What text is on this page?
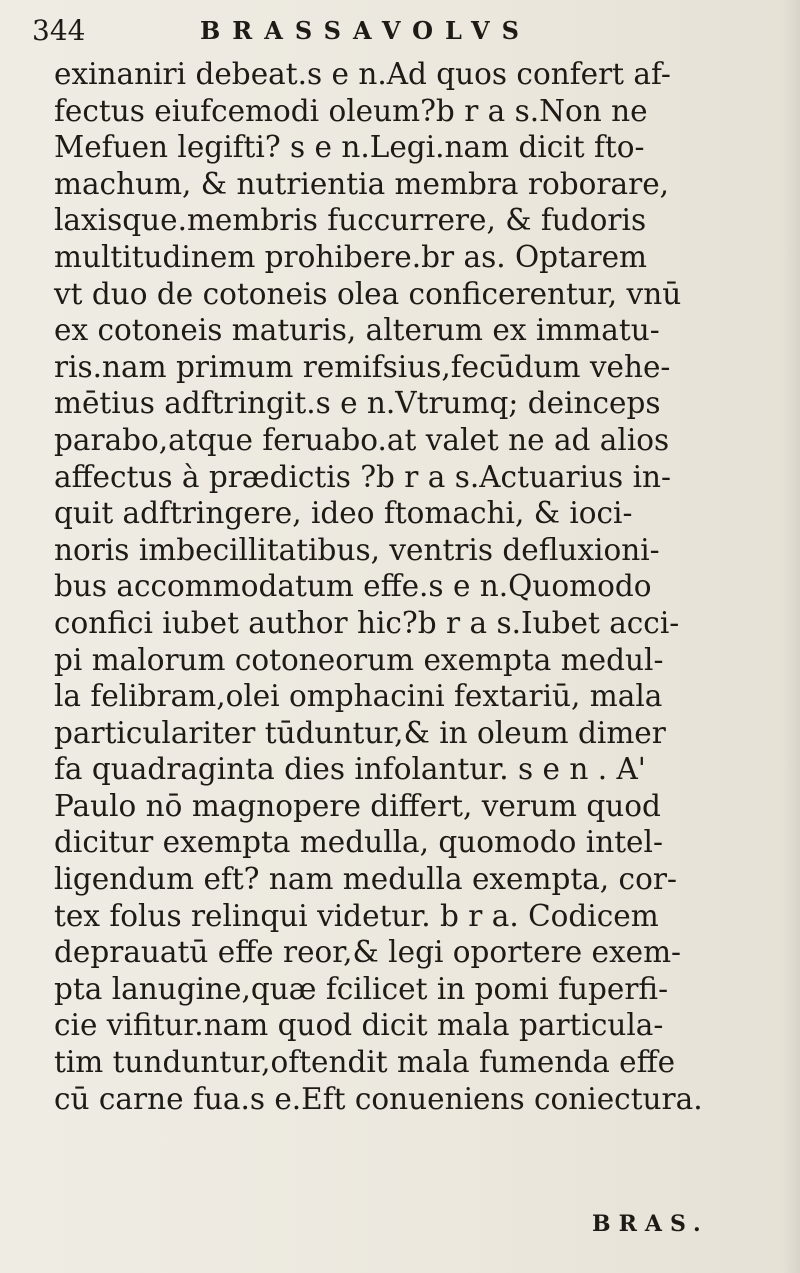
344	BRASSAVOLVS
exinaniri debeat.s e n.Ad quos confert af-
fectus eiufcemodi oleum?b r a s.Non ne
Mefuen legifti? s e n.Legi.nam dicit fto-
machum, & nutrientia membra roborare,
laxisque.membris fuccurrere, & fudoris
multitudinem prohibere.br as. Optarem
vt duo de cotoneis olea conficerentur, vnū
ex cotoneis maturis, alterum ex immatu-
ris.nam primum remifsius,fecūdum vehe-
mētius adftringit.s e n.Vtrumq; deinceps
parabo,atque feruabo.at valet ne ad alios
affectus à prædictis ?b r a s.Actuarius in-
quit adftringere, ideo ftomachi, & ioci-
noris imbecillitatibus, ventris defluxioni-
bus accommodatum effe.s e n.Quomodo
confici iubet author hic?b r a s.Iubet acci-
pi malorum cotoneorum exempta medul-
la felibram,olei omphacini fextariū, mala
particulariter tūduntur,& in oleum dimer
fa quadraginta dies infolantur. s e n . A'
Paulo nō magnopere differt, verum quod
dicitur exempta medulla, quomodo intel-
ligendum eft? nam medulla exempta, cor-
tex folus relinqui videtur. b r a. Codicem
deprauatū effe reor,& legi oportere exem-
pta lanugine,quæ fcilicet in pomi fuperfi-
cie vifitur.nam quod dicit mala particula-
tim tunduntur,oftendit mala fumenda effe
cū carne fua.s e.Eft conueniens coniectura.
BRAS.
